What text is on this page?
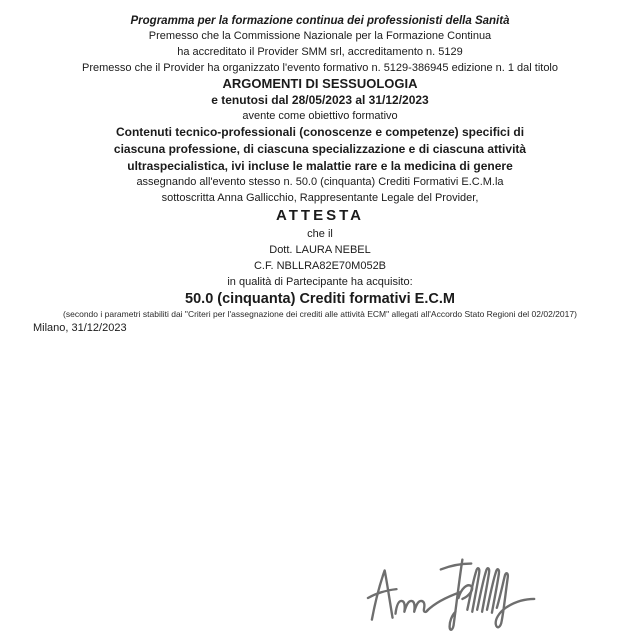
Programma per la formazione continua dei professionisti della Sanità
Premesso che la Commissione Nazionale per la Formazione Continua
ha accreditato il Provider SMM srl, accreditamento n. 5129
Premesso che il Provider ha organizzato l'evento formativo n. 5129-386945 edizione n. 1 dal titolo
ARGOMENTI DI SESSUOLOGIA
e tenutosi dal 28/05/2023 al 31/12/2023
avente come obiettivo formativo
Contenuti tecnico-professionali (conoscenze e competenze) specifici di
ciascuna professione, di ciascuna specializzazione e di ciascuna attività
ultraspecialistica, ivi incluse le malattie rare e la medicina di genere
assegnando all'evento stesso n. 50.0 (cinquanta) Crediti Formativi E.C.M.la
sottoscritta Anna Gallicchio, Rappresentante Legale del Provider,
ATTESTA
che il
Dott. LAURA NEBEL
C.F. NBLLRA82E70M052B
in qualità di Partecipante ha acquisito:
50.0 (cinquanta) Crediti formativi E.C.M
(secondo i parametri stabiliti dai "Criteri per l'assegnazione dei crediti alle attività ECM" allegati all'Accordo Stato Regioni del 02/02/2017)
Milano, 31/12/2023
